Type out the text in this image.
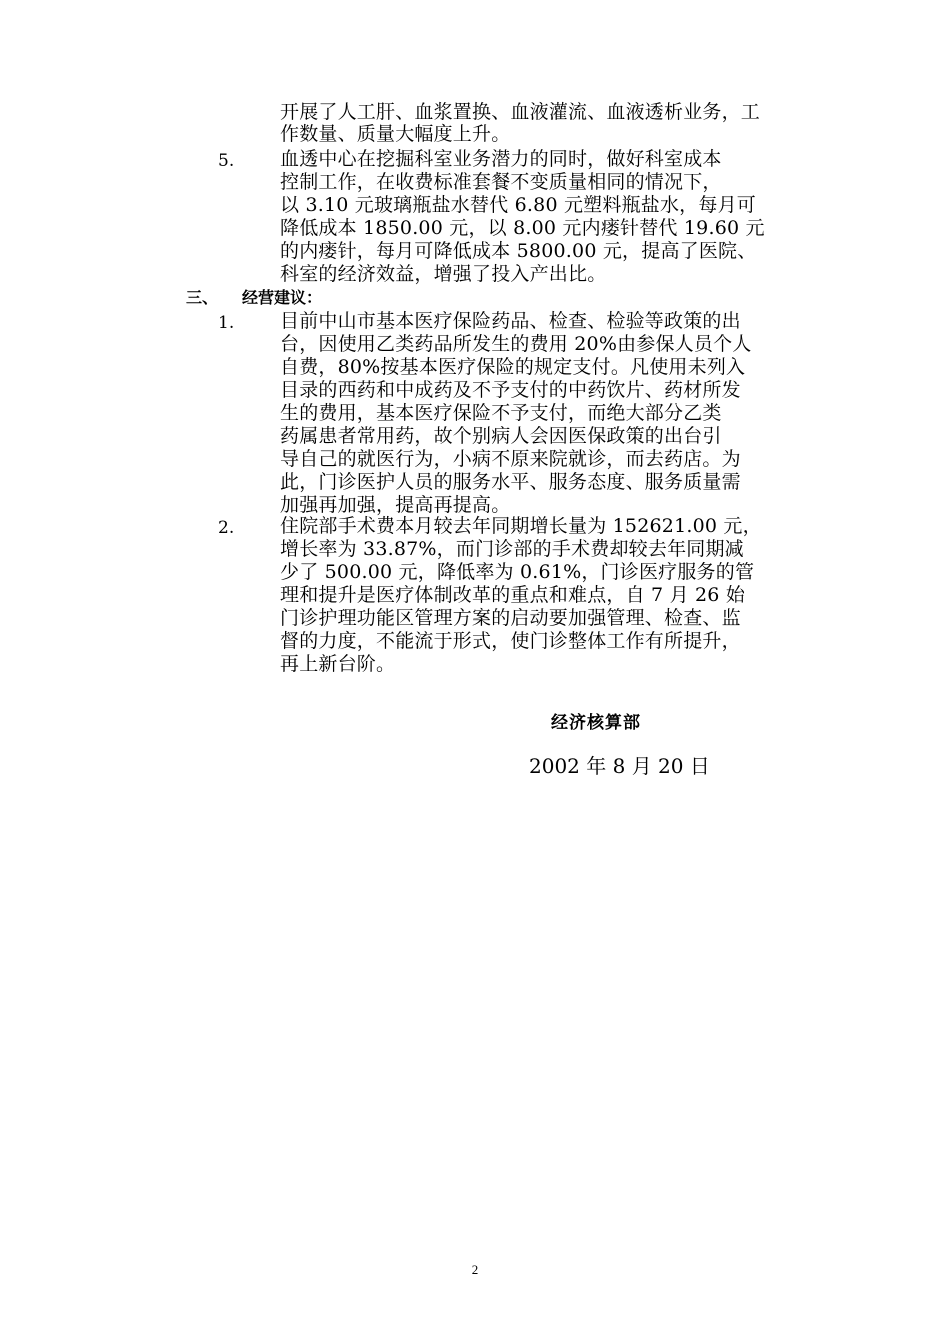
开展了人工肝、血浆置换、血液灌流、血液透析业务，工
作数量、质量大幅度上升。
5. 血透中心在挖掘科室业务潜力的同时，做好科室成本
控制工作，在收费标准套餐不变质量相同的情况下，
以 3.10 元玻璃瓶盐水替代 6.80 元塑料瓶盐水，每月可
降低成本 1850.00 元，以 8.00 元内瘘针替代 19.60 元
的内瘘针，每月可降低成本 5800.00 元，提高了医院、
科室的经济效益，增强了投入产出比。
三、 经营建议：
1. 目前中山市基本医疗保险药品、检查、检验等政策的出
台，因使用乙类药品所发生的费用 20%由参保人员个人
自费，80%按基本医疗保险的规定支付。凡使用未列入
目录的西药和中成药及不予支付的中药饮片、药材所发
生的费用，基本医疗保险不予支付，而绝大部分乙类
药属患者常用药，故个别病人会因医保政策的出台引
导自己的就医行为，小病不原来院就诊，而去药店。为
此，门诊医护人员的服务水平、服务态度、服务质量需
加强再加强，提高再提高。
2. 住院部手术费本月较去年同期增长量为 152621.00 元，
增长率为 33.87%，而门诊部的手术费却较去年同期减
少了 500.00 元，降低率为 0.61%，门诊医疗服务的管
理和提升是医疗体制改革的重点和难点，自 7 月 26 始
门诊护理功能区管理方案的启动要加强管理、检查、监
督的力度，不能流于形式，使门诊整体工作有所提升，
再上新台阶。
经济核算部
2002 年 8 月 20 日
2
